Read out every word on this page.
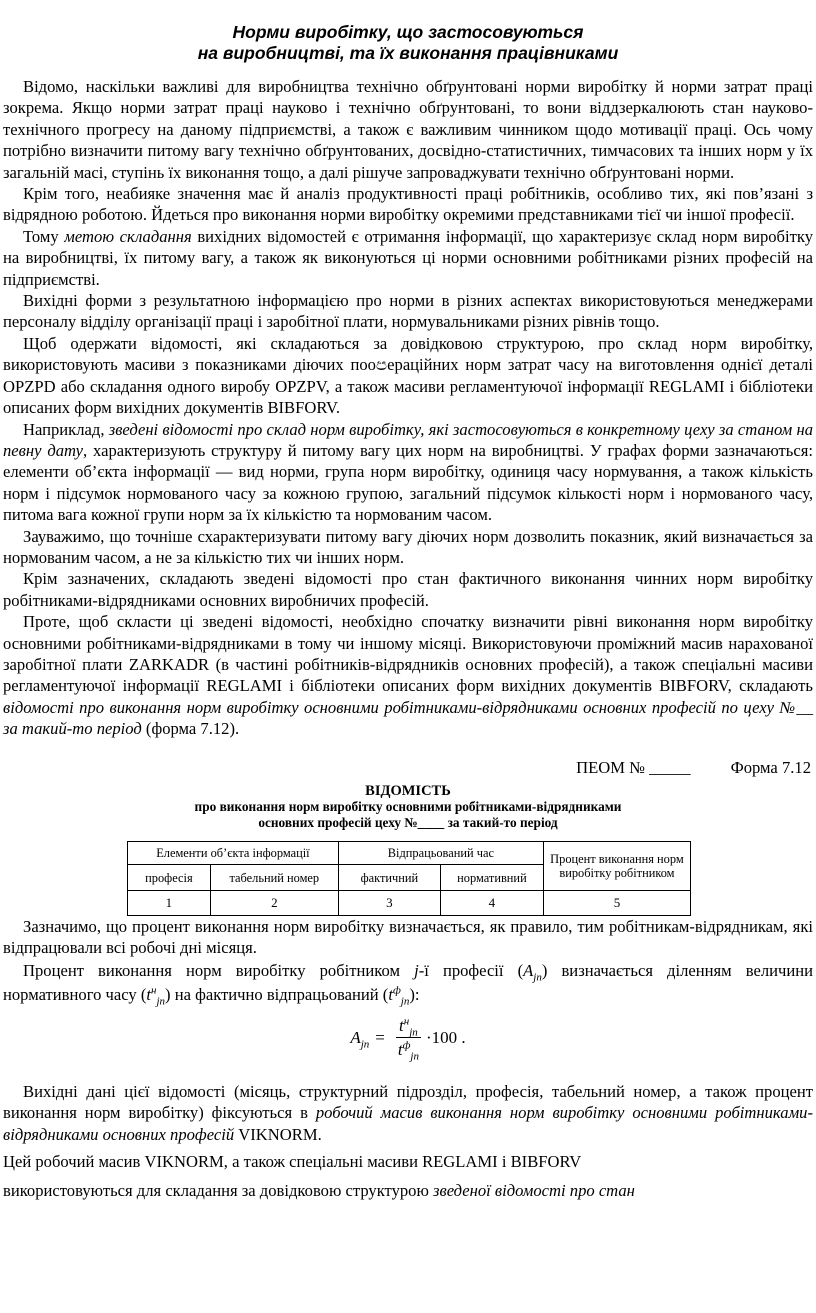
Норми виробітку, що застосовуються
на виробництві, та їх виконання працівниками

Відомо, наскільки важливі для виробництва технічно обґрунтовані норми виробітку й норми затрат праці зокрема. Якщо норми затрат праці науково і технічно обґрунтовані, то вони віддзеркалюють стан науково-технічного прогресу на даному підприємстві, а також є важливим чинником щодо мотивації праці. Ось чому потрібно визначити питому вагу технічно обґрунтованих, досвідно-статистичних, тимчасових та інших норм у їх загальній масі, ступінь їх виконання тощо, а далі рішуче запроваджувати технічно обґрунтовані норми.

Крім того, неабияке значення має й аналіз продуктивності праці робітників, особливо тих, які пов’язані з відрядною роботою. Йдеться про виконання норми виробітку окремими представниками тієї чи іншої професії.

Тому метою складання вихідних відомостей є отримання інформації, що характеризує склад норм виробітку на виробництві, їх питому вагу, а також як виконуються ці норми основними робітниками різних професій на підприємстві.

Вихідні форми з результатною інформацією про норми в різних аспектах використовуються менеджерами персоналу відділу організації праці і заробітної плати, нормувальниками різних рівнів тощо.

Щоб одержати відомості, які складаються за довідковою структурою, про склад норм виробітку, використовують масиви з показниками діючих пооපераційних норм затрат часу на виготовлення однієї деталі OPZPD або складання одного виробу OPZPV, а також масиви регламентуючої інформації REGLAMI і бібліотеки описаних форм вихідних документів BIBFORV.

Наприклад, зведені відомості про склад норм виробітку, які застосовуються в конкретному цеху за станом на певну дату, характеризують структуру й питому вагу цих норм на виробництві. У графах форми зазначаються: елементи об’єкта інформації — вид норми, група норм виробітку, одиниця часу нормування, а також кількість норм і підсумок нормованого часу за кожною групою, загальний підсумок кількості норм і нормованого часу, питома вага кожної групи норм за їх кількістю та нормованим часом.

Зауважимо, що точніше схарактеризувати питому вагу діючих норм дозволить показник, який визначається за нормованим часом, а не за кількістю тих чи інших норм.

Крім зазначених, складають зведені відомості про стан фактичного виконання чинних норм виробітку робітниками-відрядниками основних виробничих професій.

Проте, щоб скласти ці зведені відомості, необхідно спочатку визначити рівні виконання норм виробітку основними робітниками-відрядниками в тому чи іншому місяці. Використовуючи проміжний масив нарахованої заробітної плати ZARKADR (в частині робітників-відрядників основних професій), а також спеціальні масиви регламентуючої інформації REGLAMI і бібліотеки описаних форм вихідних документів BIBFORV, складають відомості про виконання норм виробітку основними робітниками-відрядниками основних професій по цеху №__ за такий-то період (форма 7.12).

ПЕОМ № _____ Форма 7.12
ВІДОМІСТЬ
про виконання норм виробітку основними робітниками-відрядниками
основних професій цеху №____ за такий-то період
Елементи об’єкта інформації		Відпрацьований час		Процент виконання норм виробітку робітником
професія	табельний номер	фактичний	нормативний	
1	2	3	4	5

Зазначимо, що процент виконання норм виробітку визначається, як правило, тим робітникам-відрядникам, які відпрацювали всі робочі дні місяця.

Процент виконання норм виробітку робітником j-ї професії $(A_{jn})$ визначається діленням величини нормативного часу $(t^н_{jn})$ на фактично відпрацьований $(t^ф_{jn})$:

$A_{jn} = \frac{t^н_{jn}}{t^ф_{jn}} \cdot 100$ .

Вихідні дані цієї відомості (місяць, структурний підрозділ, професія, табельний номер, а також процент виконання норм виробітку) фіксуються в робочий масив виконання норм виробітку основними робітниками-відрядниками основних професій VIKNORM.

Цей робочий масив VIKNORM, а також спеціальні масиви REGLAMI і BIBFORV

використовуються для складання за довідковою структурою зведеної відомості про стан
